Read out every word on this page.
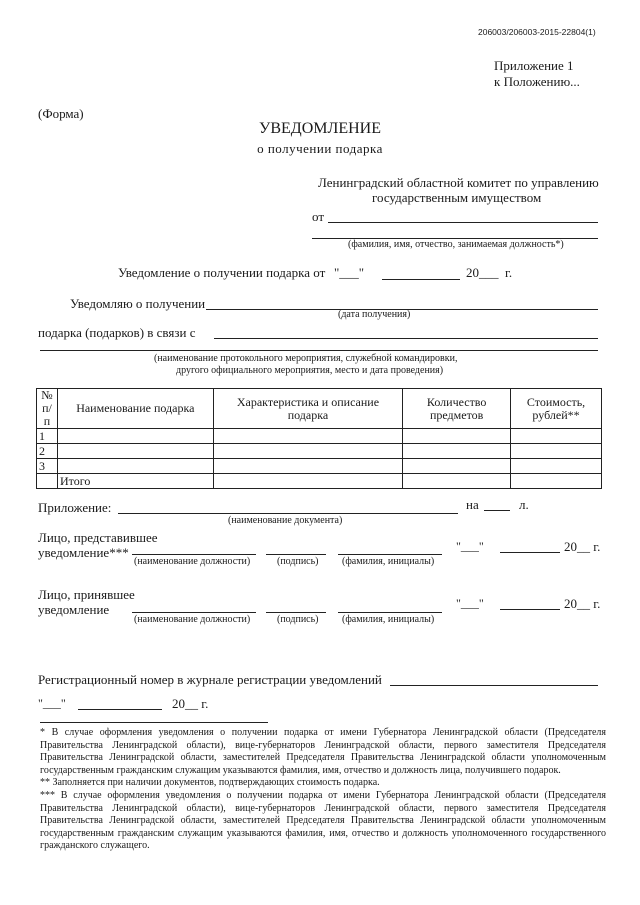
206003/206003-2015-22804(1)
Приложение 1
к Положению...
(Форма)
УВЕДОМЛЕНИЕ
о получении подарка
Ленинградский областной комитет по управлению
государственным имуществом
от
(фамилия, имя, отчество, занимаемая должность*)
Уведомление о получении подарка от "___"	20___ г.
Уведомляю о получении
(дата получения)
подарка (подарков) в связи с
(наименование протокольного мероприятия, служебной командировки,
другого официального мероприятия, место и дата проведения)
№ п/п	Наименование подарка	Характеристика и описание подарка	Количество предметов	Стоимость, рублей**
1				
2				
3				
	Итого			
Приложение:	на	л.
(наименование документа)
Лицо, представившее
уведомление***
(наименование должности)	(подпись) (фамилия, инициалы)
"___"	20__ г.
Лицо, принявшее
уведомление
(наименование должности)	(подпись) (фамилия, инициалы)
"___"	20__ г.
Регистрационный номер в журнале регистрации уведомлений
"___"	20__ г.

* В случае оформления уведомления о получении подарка от имени Губернатора Ленинградской области (Председателя Правительства Ленинградской области), вице-губернаторов Ленинградской области, первого заместителя Председателя Правительства Ленинградской области, заместителей Председателя Правительства Ленинградской области уполномоченным государственным гражданским служащим указываются фамилия, имя, отчество и должность лица, получившего подарок.

** Заполняется при наличии документов, подтверждающих стоимость подарка.

*** В случае оформления уведомления о получении подарка от имени Губернатора Ленинградской области (Председателя Правительства Ленинградской области), вице-губернаторов Ленинградской области, первого заместителя Председателя Правительства Ленинградской области, заместителей Председателя Правительства Ленинградской области уполномоченным государственным гражданским служащим указываются фамилия, имя, отчество и должность уполномоченного государственного гражданского служащего.
